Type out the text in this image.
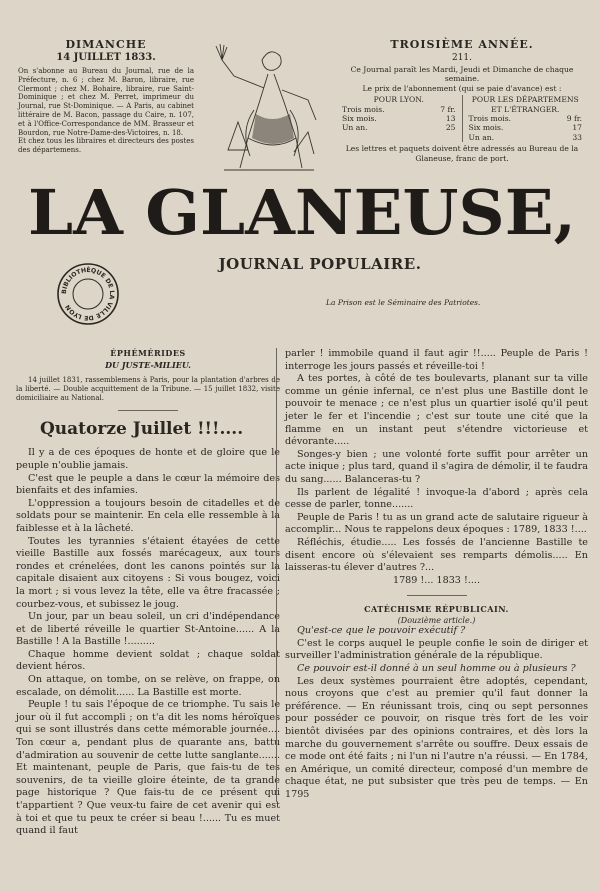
DIMANCHE
14 JUILLET 1833.

On s'abonne au Bureau du Journal, rue de la Préfecture, n. 6 ; chez M. Baron, libraire, rue Clermont ; chez M. Bohaire, libraire, rue Saint-Dominique ; et chez M. Perret, imprimeur du Journal, rue St-Dominique. — A Paris, au cabinet littéraire de M. Bacon, passage du Caire, n. 107, et à l'Office-Correspondance de MM. Brasseur et Bourdon, rue Notre-Dame-des-Victoires, n. 18.

Et chez tous les libraires et directeurs des postes des départemens.

TROISIÈME ANNÉE.
211.

Ce Journal paraît les Mardi, Jeudi et Dimanche de chaque semaine.

Le prix de l'abonnement (qui se paie d'avance) est :

POUR LYON.
Trois mois.	7 fr.
Six mois.	13
Un an.	25
POUR LES DÉPARTEMENS ET L'ÉTRANGER.
Trois mois.	9 fr.
Six mois.	17
Un an.	33

Les lettres et paquets doivent être adressés au Bureau de la Glaneuse, franc de port.

LA GLANEUSE,
JOURNAL POPULAIRE.
BIBLIOTHÈQUE DE LA VILLE DE LYON
La Prison est le Séminaire des Patriotes.
ÉPHÉMÉRIDES
DU JUSTE-MILIEU.

14 juillet 1831, rassemblemens à Paris, pour la plantation d'arbres de la liberté. — Double acquittement de la Tribune. — 15 juillet 1832, visite domiciliaire au National.

Quatorze Juillet !!!....

Il y a de ces époques de honte et de gloire que le peuple n'oublie jamais.

C'est que le peuple a dans le cœur la mémoire des bienfaits et des infamies.

L'oppression a toujours besoin de citadelles et de soldats pour se maintenir. En cela elle ressemble à la faiblesse et à la lâcheté.

Toutes les tyrannies s'étaient étayées de cette vieille Bastille aux fossés marécageux, aux tours rondes et crénelées, dont les canons pointés sur la capitale disaient aux citoyens : Si vous bougez, voici la mort ; si vous levez la tête, elle va être fracassée ; courbez-vous, et subissez le joug.

Un jour, par un beau soleil, un cri d'indépendance et de liberté réveille le quartier St-Antoine...... A la Bastille ! A la Bastille !.........

Chaque homme devient soldat ; chaque soldat devient héros.

On attaque, on tombe, on se relève, on frappe, on escalade, on démolit...... La Bastille est morte.

Peuple ! tu sais l'époque de ce triomphe. Tu sais le jour où il fut accompli ; on t'a dit les noms héroïques qui se sont illustrés dans cette mémorable journée.... Ton cœur a, pendant plus de quarante ans, battu d'admiration au souvenir de cette lutte sanglante....... Et maintenant, peuple de Paris, que fais-tu de tes souvenirs, de ta vieille gloire éteinte, de ta grande page historique ? Que fais-tu de ce présent qui t'appartient ? Que veux-tu faire de cet avenir qui est à toi et que tu peux te créer si beau !...... Tu es muet quand il faut

parler ! immobile quand il faut agir !!..... Peuple de Paris ! interroge les jours passés et réveille-toi !

A tes portes, à côté de tes boulevarts, planant sur ta ville comme un génie infernal, ce n'est plus une Bastille dont le pouvoir te menace ; ce n'est plus un quartier isolé qu'il peut jeter le fer et l'incendie ; c'est sur toute une cité que la flamme en un instant peut s'étendre victorieuse et dévorante.....

Songes-y bien ; une volonté forte suffit pour arrêter un acte inique ; plus tard, quand il s'agira de démolir, il te faudra du sang...... Balanceras-tu ?

Ils parlent de légalité ! invoque-la d'abord ; après cela cesse de parler, tonne.......

Peuple de Paris ! tu as un grand acte de salutaire rigueur à accomplir... Nous te rappelons deux époques : 1789, 1833 !....

Réfléchis, étudie..... Les fossés de l'ancienne Bastille te disent encore où s'élevaient ses remparts démolis..... En laisseras-tu élever d'autres ?...

1789 !... 1833 !....

CATÉCHISME RÉPUBLICAIN.
(Douzième article.)

Qu'est-ce que le pouvoir exécutif ?

C'est le corps auquel le peuple confie le soin de diriger et surveiller l'administration générale de la république.

Ce pouvoir est-il donné à un seul homme ou à plusieurs ?

Les deux systèmes pourraient être adoptés, cependant, nous croyons que c'est au premier qu'il faut donner la préférence. — En réunissant trois, cinq ou sept personnes pour posséder ce pouvoir, on risque très fort de les voir bientôt divisées par des opinions contraires, et dès lors la marche du gouvernement s'arrête ou souffre. Deux essais de ce mode ont été faits ; ni l'un ni l'autre n'a réussi. — En 1784, en Amérique, un comité directeur, composé d'un membre de chaque état, ne put subsister que très peu de temps. — En 1795
